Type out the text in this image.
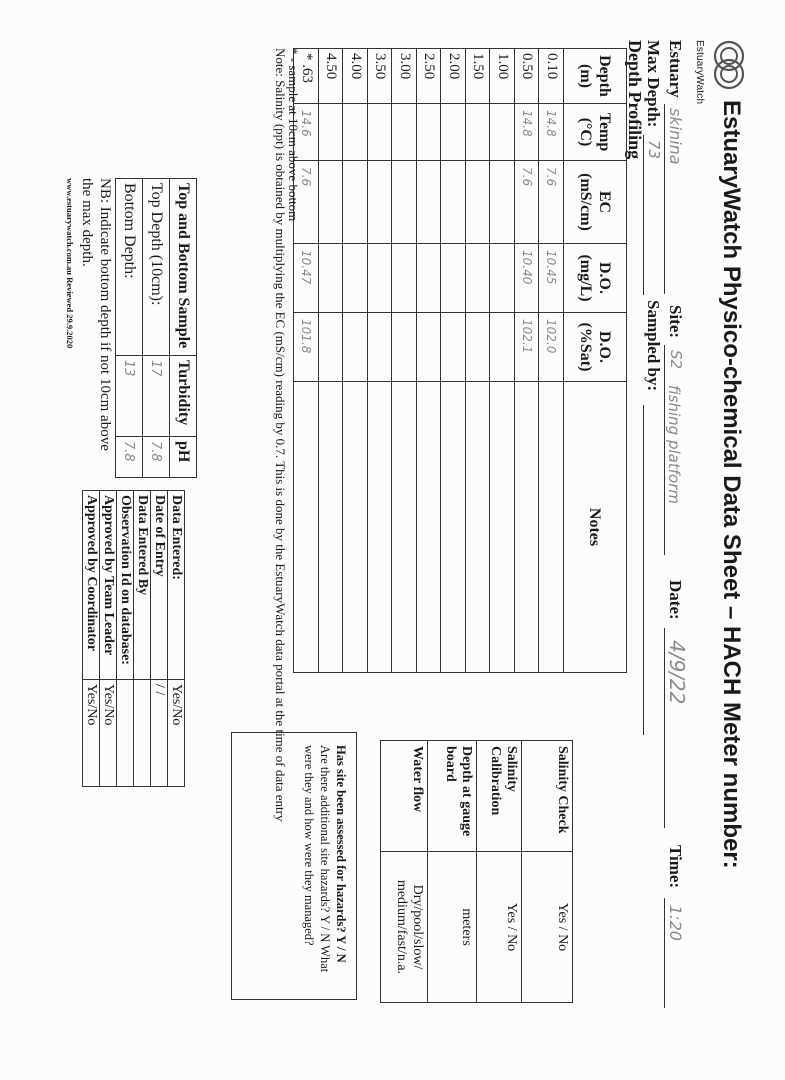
EstuaryWatch
EstuaryWatch Physico-chemical Data Sheet – HACH Meter number:
Estuary
skinina
Site:
S2
fishing platform
Date:
4/9/22
Time:
1:20
Max Depth:
73
Sampled by:
Depth Profiling
Depth (m)	Temp (°C)	EC (mS/cm)	D.O. (mg/L)	D.O. (%Sat)	Notes
0.10	14.8	7.6	10.45	102.0	
0.50	14.8	7.6	10.40	102.1	
1.00					
1.50					
2.00					
2.50					
3.00					
3.50					
4.00					
4.50					
* .63	14.6	7.6	10.47	101.8	
* - sample at 10cm above bottom
Note: Salinity (ppt) is obtained by multiplying the EC (mS/cm) reading by 0.7. This is done by the EstuaryWatch data portal at the time of data entry
Top and Bottom Sample	Turbidity	pH
Top Depth (10cm):	17	7.8
Bottom Depth:	13	7.8
NB: Indicate bottom depth if not 10cm above the max depth.
www.estuarywatch.com.au Reviewed 29.9.2020
Data Entered:	Yes/No
Date of Entry	/ /
Data Entered By	
Observation Id on database:	
Approved by Team Leader	Yes/No
Approved by Coordinator	Yes/No
Salinity Check	Yes / No
Salinity Calibration	Yes / No
Depth at gauge board	meters
Water flow	Dry/pool/slow/ medium/fast/n.a.
Has site been assessed for hazards? Y / N
Are there additional site hazards? Y / N What were they and how were they managed?
